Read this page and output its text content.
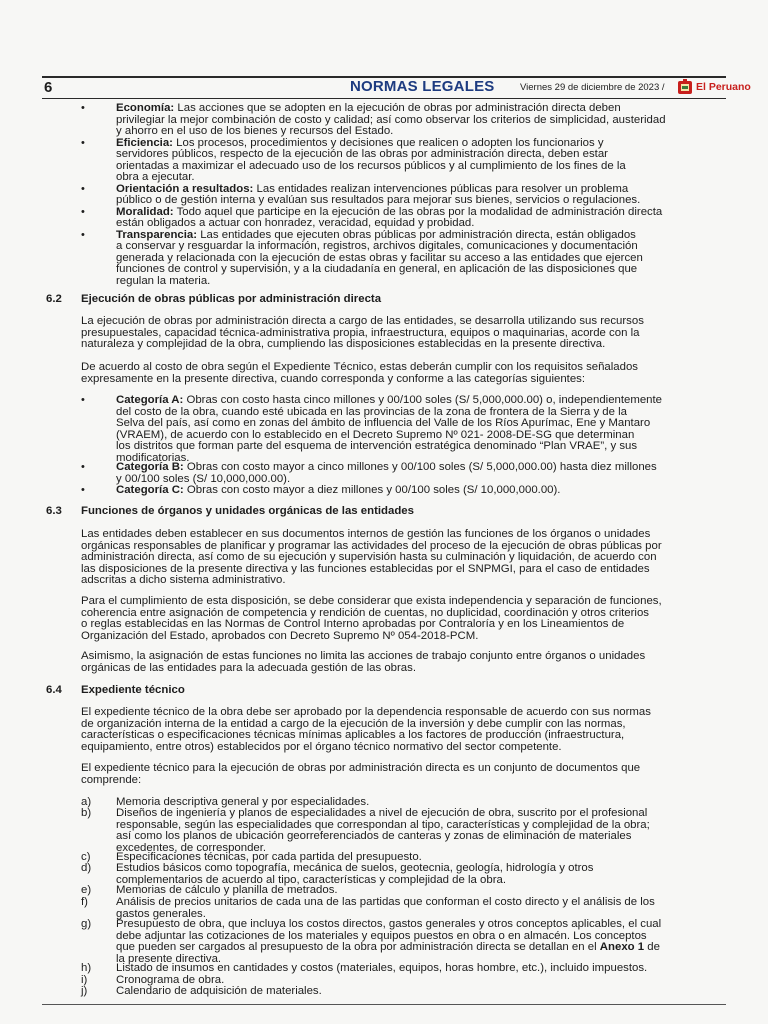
6	NORMAS LEGALES	Viernes 29 de diciembre de 2023 /	El Peruano
•	Economía: Las acciones que se adopten en la ejecución de obras por administración directa deben
privilegiar la mejor combinación de costo y calidad; así como observar los criterios de simplicidad, austeridad
y ahorro en el uso de los bienes y recursos del Estado.
•	Eficiencia: Los procesos, procedimientos y decisiones que realicen o adopten los funcionarios y
servidores públicos, respecto de la ejecución de las obras por administración directa, deben estar
orientadas a maximizar el adecuado uso de los recursos públicos y al cumplimiento de los fines de la
obra a ejecutar.
•	Orientación a resultados: Las entidades realizan intervenciones públicas para resolver un problema
público o de gestión interna y evalúan sus resultados para mejorar sus bienes, servicios o regulaciones.
•	Moralidad: Todo aquel que participe en la ejecución de las obras por la modalidad de administración directa
están obligados a actuar con honradez, veracidad, equidad y probidad.
•	Transparencia: Las entidades que ejecuten obras públicas por administración directa, están obligados
a conservar y resguardar la información, registros, archivos digitales, comunicaciones y documentación
generada y relacionada con la ejecución de estas obras y facilitar su acceso a las entidades que ejercen
funciones de control y supervisión, y a la ciudadanía en general, en aplicación de las disposiciones que
regulan la materia.
6.2 Ejecución de obras públicas por administración directa
La ejecución de obras por administración directa a cargo de las entidades, se desarrolla utilizando sus recursos
presupuestales, capacidad técnica-administrativa propia, infraestructura, equipos o maquinarias, acorde con la
naturaleza y complejidad de la obra, cumpliendo las disposiciones establecidas en la presente directiva.
De acuerdo al costo de obra según el Expediente Técnico, estas deberán cumplir con los requisitos señalados
expresamente en la presente directiva, cuando corresponda y conforme a las categorías siguientes:
•	Categoría A: Obras con costo hasta cinco millones y 00/100 soles (S/ 5,000,000.00) o, independientemente
del costo de la obra, cuando esté ubicada en las provincias de la zona de frontera de la Sierra y de la
Selva del país, así como en zonas del ámbito de influencia del Valle de los Ríos Apurímac, Ene y Mantaro
(VRAEM), de acuerdo con lo establecido en el Decreto Supremo Nº 021- 2008-DE-SG que determinan
los distritos que forman parte del esquema de intervención estratégica denominado “Plan VRAE”, y sus
modificatorias.
•	Categoría B: Obras con costo mayor a cinco millones y 00/100 soles (S/ 5,000,000.00) hasta diez millones
y 00/100 soles (S/ 10,000,000.00).
•	Categoría C: Obras con costo mayor a diez millones y 00/100 soles (S/ 10,000,000.00).
6.3 Funciones de órganos y unidades orgánicas de las entidades
Las entidades deben establecer en sus documentos internos de gestión las funciones de los órganos o unidades
orgánicas responsables de planificar y programar las actividades del proceso de la ejecución de obras públicas por
administración directa, así como de su ejecución y supervisión hasta su culminación y liquidación, de acuerdo con
las disposiciones de la presente directiva y las funciones establecidas por el SNPMGI, para el caso de entidades
adscritas a dicho sistema administrativo.
Para el cumplimiento de esta disposición, se debe considerar que exista independencia y separación de funciones,
coherencia entre asignación de competencia y rendición de cuentas, no duplicidad, coordinación y otros criterios
o reglas establecidas en las Normas de Control Interno aprobadas por Contraloría y en los Lineamientos de
Organización del Estado, aprobados con Decreto Supremo Nº 054-2018-PCM.
Asimismo, la asignación de estas funciones no limita las acciones de trabajo conjunto entre órganos o unidades
orgánicas de las entidades para la adecuada gestión de las obras.
6.4 Expediente técnico
El expediente técnico de la obra debe ser aprobado por la dependencia responsable de acuerdo con sus normas
de organización interna de la entidad a cargo de la ejecución de la inversión y debe cumplir con las normas,
características o especificaciones técnicas mínimas aplicables a los factores de producción (infraestructura,
equipamiento, entre otros) establecidos por el órgano técnico normativo del sector competente.
El expediente técnico para la ejecución de obras por administración directa es un conjunto de documentos que
comprende:
a) Memoria descriptiva general y por especialidades.
b) Diseños de ingeniería y planos de especialidades a nivel de ejecución de obra, suscrito por el profesional
responsable, según las especialidades que correspondan al tipo, características y complejidad de la obra;
así como los planos de ubicación georreferenciados de canteras y zonas de eliminación de materiales
excedentes, de corresponder.
c) Especificaciones técnicas, por cada partida del presupuesto.
d) Estudios básicos como topografía, mecánica de suelos, geotecnia, geología, hidrología y otros
complementarios de acuerdo al tipo, características y complejidad de la obra.
e) Memorias de cálculo y planilla de metrados.
f) Análisis de precios unitarios de cada una de las partidas que conforman el costo directo y el análisis de los
gastos generales.
g) Presupuesto de obra, que incluya los costos directos, gastos generales y otros conceptos aplicables, el cual
debe adjuntar las cotizaciones de los materiales y equipos puestos en obra o en almacén. Los conceptos
que pueden ser cargados al presupuesto de la obra por administración directa se detallan en el Anexo 1 de
la presente directiva.
h) Listado de insumos en cantidades y costos (materiales, equipos, horas hombre, etc.), incluido impuestos.
i)	Cronograma de obra.
j)	Calendario de adquisición de materiales.
